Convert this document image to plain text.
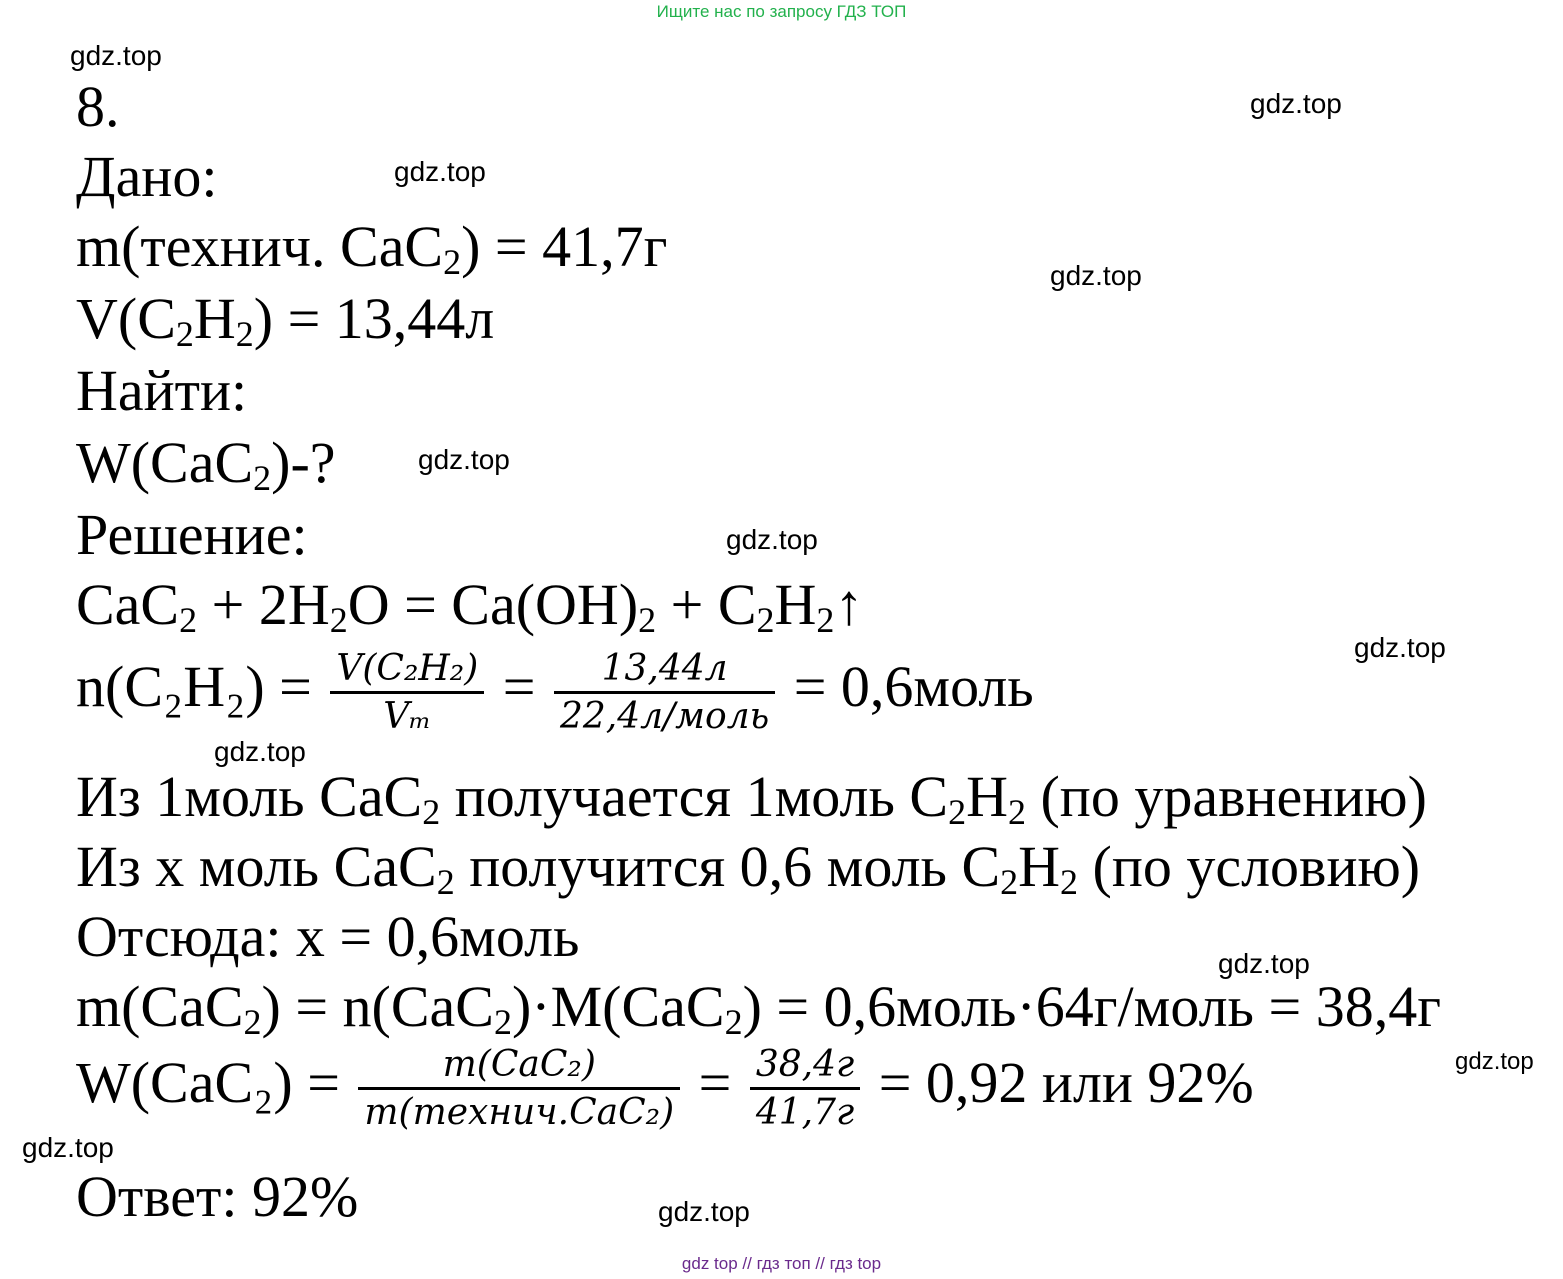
Ищите нас по запросу ГДЗ ТОП
gdz.top
gdz.top
gdz.top
gdz.top
gdz.top
gdz.top
gdz.top
gdz.top
gdz.top
gdz.top
gdz.top
gdz.top
8.
Дано:
m(технич. CaC$_2$) = 41,7г
$V(C_2H_2) = 13,44л$
Найти:
W(CaC$_2$)-?
Решение:
$CaC_2 + 2H_2O = Ca(OH)_2$ + $C_2H_2↑$
$n(C_2H_2) = \frac{\text{V(C₂H₂)}}{\text{Vₘ}} = \frac{13,44л}{\text{22,4л/моль}}$ = 0,6моль
Из 1моль CaC$_2$ получается 1моль $C_2H_2$ (по уравнению)
Из x моль CaC$_2$ получится 0,6 моль $C_2H_2$ (по условию)
Отсюда: x = 0,6моль
m(CaC$_2$) = n(CaC$_2$)·M(CaC$_2$) = 0,6моль·64г/моль = 38,4г
$W(CaC_2) = \frac{\text{m(CaC₂)}}{\text{m(технич.CaC₂)}} = \frac{38,4г}{41,7г} = 0,92$ или 92%
Ответ: 92%
gdz top // гдз топ // гдз top
